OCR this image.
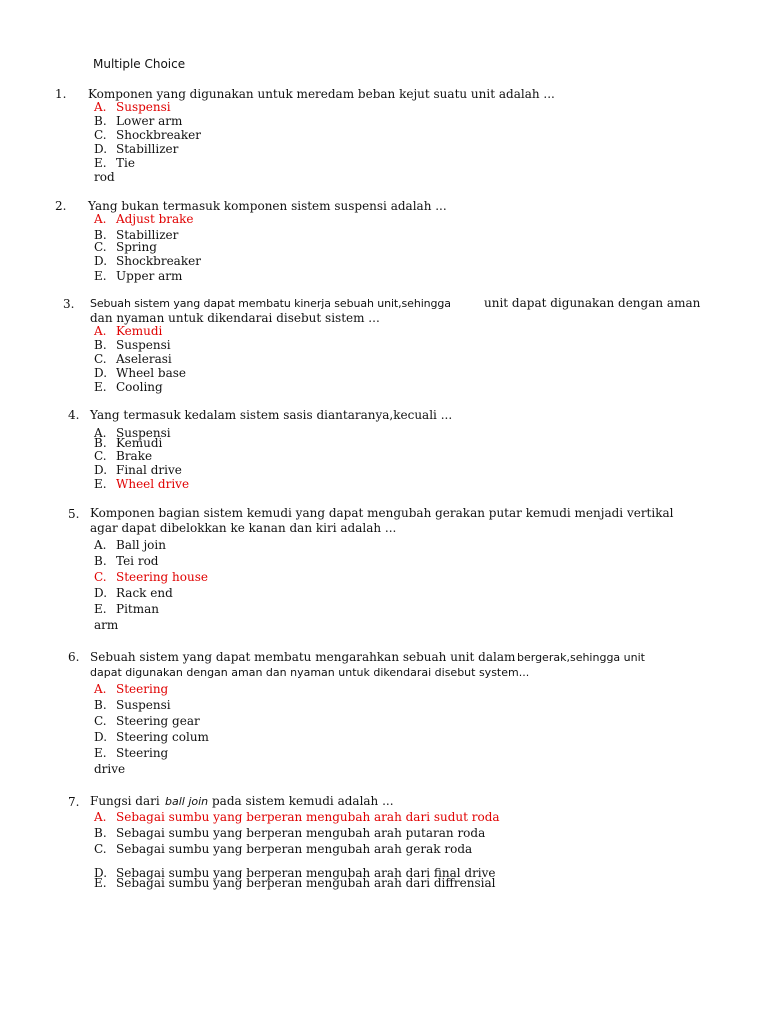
Multiple Choice
1. Komponen yang digunakan untuk meredam beban kejut suatu unit adalah ...
A. Suspensi
B. Lower arm
C. Shockbreaker
D. Stabillizer
E. Tie
rod
2. Yang bukan termasuk komponen sistem suspensi adalah ...
A. Adjust brake
B. Stabillizer
C. Spring
D. Shockbreaker
E. Upper arm
3. Sebuah sistem yang dapat membatu kinerja sebuah unit,sehingga	unit dapat digunakan dengan aman
dan nyaman untuk dikendarai disebut sistem ...
A. Kemudi
B. Suspensi
C. Aselerasi
D. Wheel base
E. Cooling
4. Yang termasuk kedalam sistem sasis diantaranya,kecuali ...
A. Suspensi
B. Kemudi
C. Brake
D. Final drive
E. Wheel drive
5. Komponen bagian sistem kemudi yang dapat mengubah gerakan putar kemudi menjadi vertikal
agar dapat dibelokkan ke kanan dan kiri adalah ...
A. Ball join
B. Tei rod
C. Steering house
D. Rack end
E. Pitman
arm
6. Sebuah sistem yang dapat membatu mengarahkan sebuah unit dalam bergerak,sehingga unit
dapat digunakan dengan aman dan nyaman untuk dikendarai disebut system...
A. Steering
B. Suspensi
C. Steering gear
D. Steering colum
E. Steering
drive
7. Fungsi dari ball join pada sistem kemudi adalah ...
A. Sebagai sumbu yang berperan mengubah arah dari sudut roda
B. Sebagai sumbu yang berperan mengubah arah putaran roda
C. Sebagai sumbu yang berperan mengubah arah gerak roda
D. Sebagai sumbu yang berperan mengubah arah dari final drive
E. Sebagai sumbu yang berperan mengubah arah dari diffrensial
